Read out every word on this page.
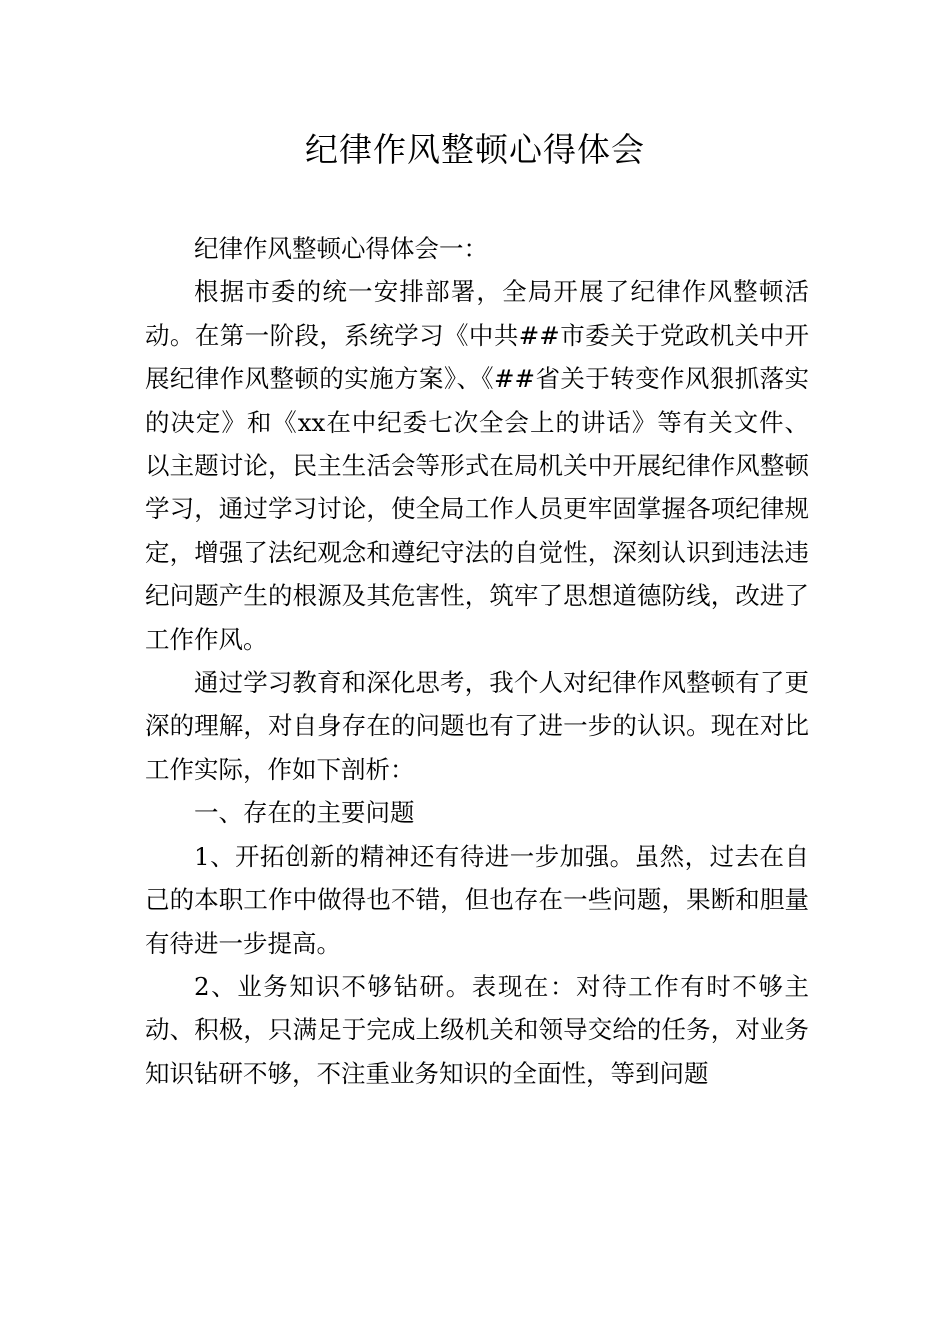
纪律作风整顿心得体会

纪律作风整顿心得体会一：

根据市委的统一安排部署，全局开展了纪律作风整顿活动。在第一阶段，系统学习《中共##市委关于党政机关中开展纪律作风整顿的实施方案》、《##省关于转变作风狠抓落实的决定》和《xx在中纪委七次全会上的讲话》等有关文件、以主题讨论，民主生活会等形式在局机关中开展纪律作风整顿学习，通过学习讨论，使全局工作人员更牢固掌握各项纪律规定，增强了法纪观念和遵纪守法的自觉性，深刻认识到违法违纪问题产生的根源及其危害性，筑牢了思想道德防线，改进了工作作风。

通过学习教育和深化思考，我个人对纪律作风整顿有了更深的理解，对自身存在的问题也有了进一步的认识。现在对比工作实际，作如下剖析：

一、存在的主要问题

1、开拓创新的精神还有待进一步加强。虽然，过去在自己的本职工作中做得也不错，但也存在一些问题，果断和胆量有待进一步提高。

2、业务知识不够钻研。表现在：对待工作有时不够主动、积极，只满足于完成上级机关和领导交给的任务，对业务知识钻研不够，不注重业务知识的全面性，等到问题
